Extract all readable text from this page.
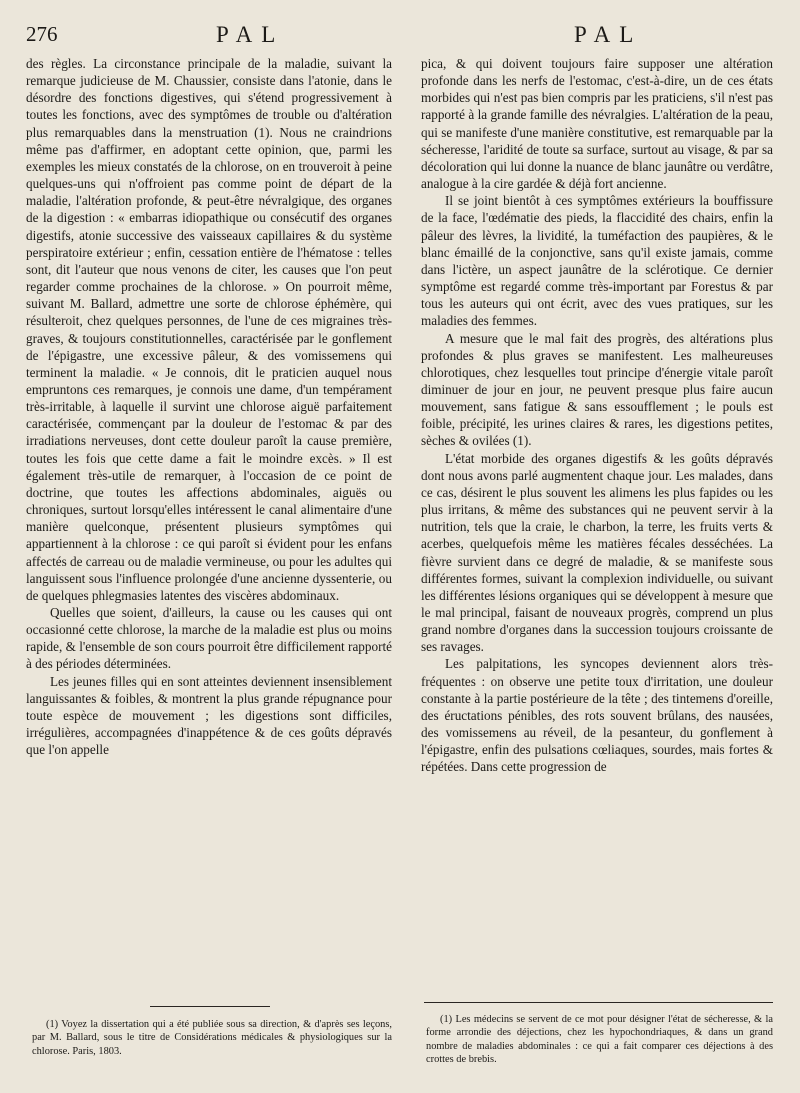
276	PAL	PAL

des règles. La circonstance principale de la maladie, suivant la remarque judicieuse de M. Chaussier, consiste dans l'atonie, dans le désordre des fonctions digestives, qui s'étend progressivement à toutes les fonctions, avec des symptômes de trouble ou d'altération plus remarquables dans la menstruation (1). Nous ne craindrions même pas d'affirmer, en adoptant cette opinion, que, parmi les exemples les mieux constatés de la chlorose, on en trouveroit à peine quelques-uns qui n'offroient pas comme point de départ de la maladie, l'altération profonde, & peut-être névralgique, des organes de la digestion : « embarras idiopathique ou consécutif des organes digestifs, atonie successive des vaisseaux capillaires & du système perspiratoire extérieur ; enfin, cessation entière de l'hématose : telles sont, dit l'auteur que nous venons de citer, les causes que l'on peut regarder comme prochaines de la chlorose. » On pourroit même, suivant M. Ballard, admettre une sorte de chlorose éphémère, qui résulteroit, chez quelques personnes, de l'une de ces migraines très-graves, & toujours constitutionnelles, caractérisée par le gonflement de l'épigastre, une excessive pâleur, & des vomissemens qui terminent la maladie. « Je connois, dit le praticien auquel nous empruntons ces remarques, je connois une dame, d'un tempérament très-irritable, à laquelle il survint une chlorose aiguë parfaitement caractérisée, commençant par la douleur de l'estomac & par des irradiations nerveuses, dont cette douleur paroît la cause première, toutes les fois que cette dame a fait le moindre excès. » Il est également très-utile de remarquer, à l'occasion de ce point de doctrine, que toutes les affections abdominales, aiguës ou chroniques, surtout lorsqu'elles intéressent le canal alimentaire d'une manière quelconque, présentent plusieurs symptômes qui appartiennent à la chlorose : ce qui paroît si évident pour les enfans affectés de carreau ou de maladie vermineuse, ou pour les adultes qui languissent sous l'influence prolongée d'une ancienne dyssenterie, ou de quelques phlegmasies latentes des viscères abdominaux.

Quelles que soient, d'ailleurs, la cause ou les causes qui ont occasionné cette chlorose, la marche de la maladie est plus ou moins rapide, & l'ensemble de son cours pourroit être difficilement rapporté à des périodes déterminées.

Les jeunes filles qui en sont atteintes deviennent insensiblement languissantes & foibles, & montrent la plus grande répugnance pour toute espèce de mouvement ; les digestions sont difficiles, irrégulières, accompagnées d'inappétence & de ces goûts dépravés que l'on appelle

pica, & qui doivent toujours faire supposer une altération profonde dans les nerfs de l'estomac, c'est-à-dire, un de ces états morbides qui n'est pas bien compris par les praticiens, s'il n'est pas rapporté à la grande famille des névralgies. L'altération de la peau, qui se manifeste d'une manière constitutive, est remarquable par la sécheresse, l'aridité de toute sa surface, surtout au visage, & par sa décoloration qui lui donne la nuance de blanc jaunâtre ou verdâtre, analogue à la cire gardée & déjà fort ancienne.

Il se joint bientôt à ces symptômes extérieurs la bouffissure de la face, l'œdématie des pieds, la flaccidité des chairs, enfin la pâleur des lèvres, la lividité, la tuméfaction des paupières, & le blanc émaillé de la conjonctive, sans qu'il existe jamais, comme dans l'ictère, un aspect jaunâtre de la sclérotique. Ce dernier symptôme est regardé comme très-important par Forestus & par tous les auteurs qui ont écrit, avec des vues pratiques, sur les maladies des femmes.

A mesure que le mal fait des progrès, des altérations plus profondes & plus graves se manifestent. Les malheureuses chlorotiques, chez lesquelles tout principe d'énergie vitale paroît diminuer de jour en jour, ne peuvent presque plus faire aucun mouvement, sans fatigue & sans essoufflement ; le pouls est foible, précipité, les urines claires & rares, les digestions petites, sèches & ovilées (1).

L'état morbide des organes digestifs & les goûts dépravés dont nous avons parlé augmentent chaque jour. Les malades, dans ce cas, désirent le plus souvent les alimens les plus fapides ou les plus irritans, & même des substances qui ne peuvent servir à la nutrition, tels que la craie, le charbon, la terre, les fruits verts & acerbes, quelquefois même les matières fécales desséchées. La fièvre survient dans ce degré de maladie, & se manifeste sous différentes formes, suivant la complexion individuelle, ou suivant les différentes lésions organiques qui se développent à mesure que le mal principal, faisant de nouveaux progrès, comprend un plus grand nombre d'organes dans la succession toujours croissante de ses ravages.

Les palpitations, les syncopes deviennent alors très-fréquentes : on observe une petite toux d'irritation, une douleur constante à la partie postérieure de la tête ; des tintemens d'oreille, des éructations pénibles, des rots souvent brûlans, des nausées, des vomissemens au réveil, de la pesanteur, du gonflement à l'épigastre, enfin des pulsations cœliaques, sourdes, mais fortes & répétées. Dans cette progression de

(1) Voyez la dissertation qui a été publiée sous sa direction, & d'après ses leçons, par M. Ballard, sous le titre de Considérations médicales & physiologiques sur la chlorose. Paris, 1803.

(1) Les médecins se servent de ce mot pour désigner l'état de sécheresse, & la forme arrondie des déjections, chez les hypochondriaques, & dans un grand nombre de maladies abdominales : ce qui a fait comparer ces déjections à des crottes de brebis.
